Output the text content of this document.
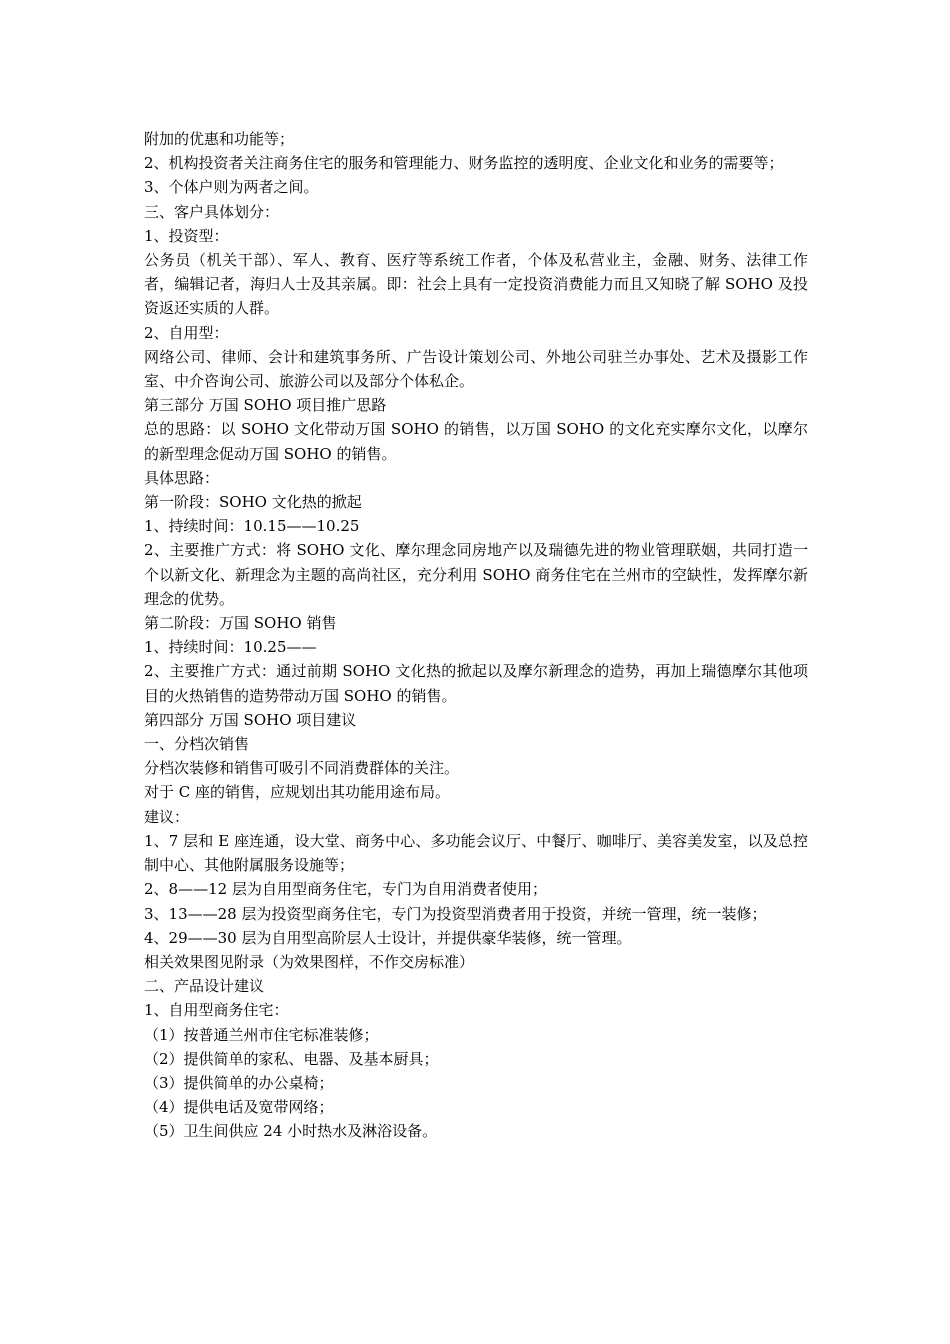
附加的优惠和功能等；

2、机构投资者关注商务住宅的服务和管理能力、财务监控的透明度、企业文化和业务的需要等；

3、个体户则为两者之间。

三、客户具体划分：

1、投资型：

公务员（机关干部）、军人、教育、医疗等系统工作者，个体及私营业主，金融、财务、法律工作者，编辑记者，海归人士及其亲属。即：社会上具有一定投资消费能力而且又知晓了解 SOHO 及投资返还实质的人群。

2、自用型：

网络公司、律师、会计和建筑事务所、广告设计策划公司、外地公司驻兰办事处、艺术及摄影工作室、中介咨询公司、旅游公司以及部分个体私企。

第三部分 万国 SOHO 项目推广思路

总的思路：以 SOHO 文化带动万国 SOHO 的销售，以万国 SOHO 的文化充实摩尔文化，以摩尔的新型理念促动万国 SOHO 的销售。

具体思路：

第一阶段：SOHO 文化热的掀起

1、持续时间：10.15——10.25

2、主要推广方式：将 SOHO 文化、摩尔理念同房地产以及瑞德先进的物业管理联姻，共同打造一个以新文化、新理念为主题的高尚社区，充分利用 SOHO 商务住宅在兰州市的空缺性，发挥摩尔新理念的优势。

第二阶段：万国 SOHO 销售

1、持续时间：10.25——

2、主要推广方式：通过前期 SOHO 文化热的掀起以及摩尔新理念的造势，再加上瑞德摩尔其他项目的火热销售的造势带动万国 SOHO 的销售。

第四部分 万国 SOHO 项目建议

一、分档次销售

分档次装修和销售可吸引不同消费群体的关注。

对于 C 座的销售，应规划出其功能用途布局。

建议：

1、7 层和 E 座连通，设大堂、商务中心、多功能会议厅、中餐厅、咖啡厅、美容美发室，以及总控制中心、其他附属服务设施等；

2、8——12 层为自用型商务住宅，专门为自用消费者使用；

3、13——28 层为投资型商务住宅，专门为投资型消费者用于投资，并统一管理，统一装修；

4、29——30 层为自用型高阶层人士设计，并提供豪华装修，统一管理。

相关效果图见附录（为效果图样，不作交房标准）

二、产品设计建议

1、自用型商务住宅：

（1）按普通兰州市住宅标准装修；

（2）提供简单的家私、电器、及基本厨具；

（3）提供简单的办公桌椅；

（4）提供电话及宽带网络；

（5）卫生间供应 24 小时热水及淋浴设备。
